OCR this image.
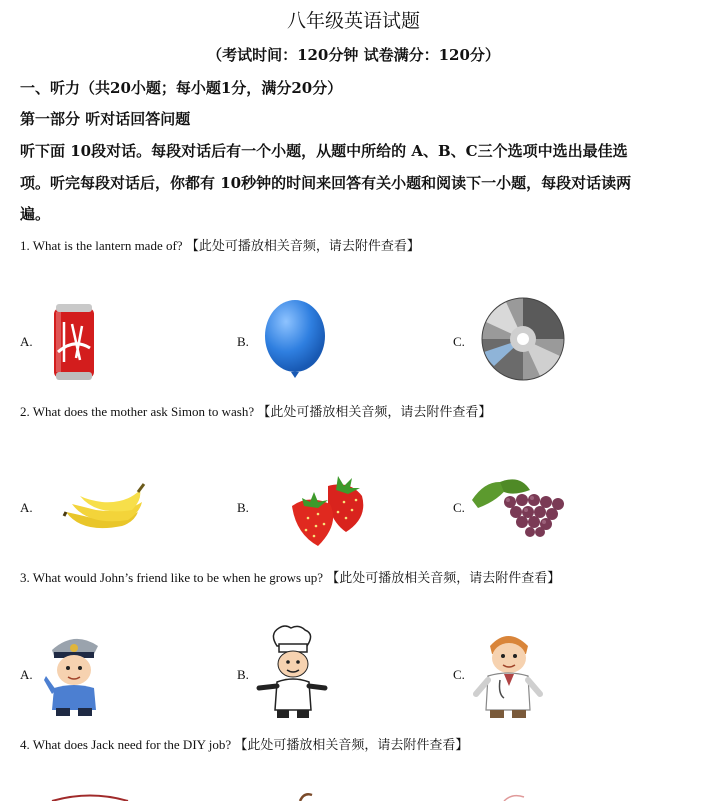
八年级英语试题
（考试时间：120分钟 试卷满分：120分）
一、听力（共20小题；每小题1分，满分20分）
第一部分 听对话回答问题
听下面 10段对话。每段对话后有一个小题，从题中所给的 A、B、C三个选项中选出最佳选
项。听完每段对话后，你都有 10秒钟的时间来回答有关小题和阅读下一小题，每段对话读两
遍。
1. What is the lantern made of? 【此处可播放相关音频，请去附件查看】
A.	B.	C.
2. What does the mother ask Simon to wash? 【此处可播放相关音频，请去附件查看】
A.	B.	C.
3. What would John’s friend like to be when he grows up? 【此处可播放相关音频，请去附件查看】
A.	B.	C.
4. What does Jack need for the DIY job? 【此处可播放相关音频，请去附件查看】
